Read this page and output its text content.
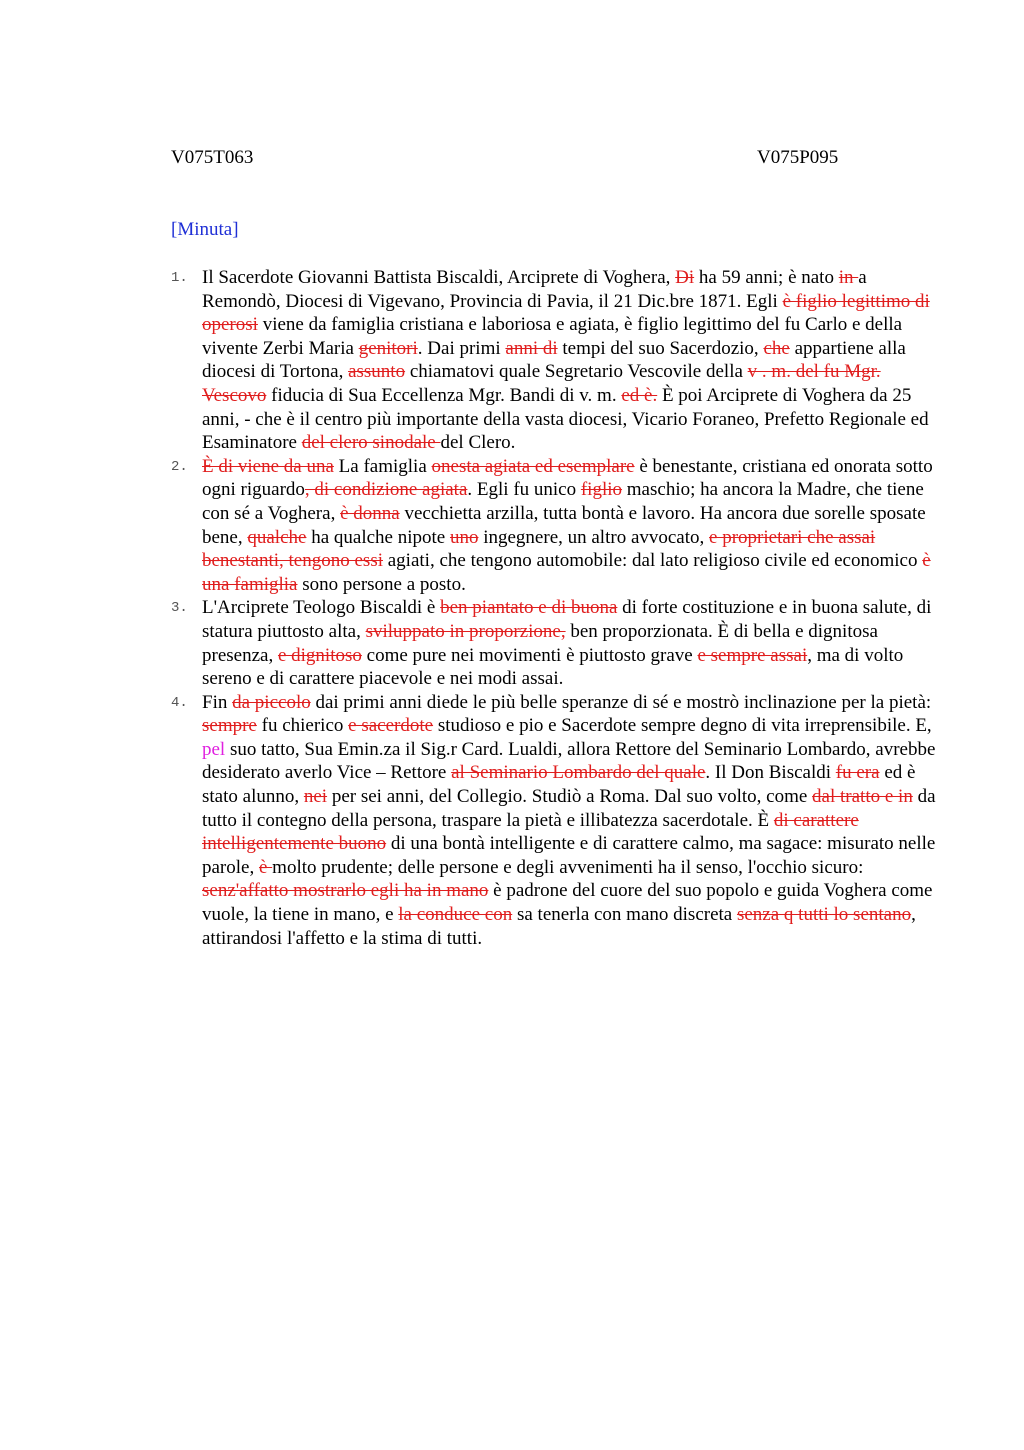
V075T063	V075P095
[Minuta]
1. Il Sacerdote Giovanni Battista Biscaldi, Arciprete di Voghera, Di ha 59 anni; è nato in a Remondò, Diocesi di Vigevano, Provincia di Pavia, il 21 Dic.bre 1871. Egli è figlio legittimo di operosi viene da famiglia cristiana e laboriosa e agiata, è figlio legittimo del fu Carlo e della vivente Zerbi Maria genitori. Dai primi anni di tempi del suo Sacerdozio, che appartiene alla diocesi di Tortona, assunto chiamatovi quale Segretario Vescovile della v . m. del fu Mgr. Vescovo fiducia di Sua Eccellenza Mgr. Bandi di v. m. ed è. È poi Arciprete di Voghera da 25 anni, - che è il centro più importante della vasta diocesi, Vicario Foraneo, Prefetto Regionale ed Esaminatore del clero sinodale del Clero.
2. È di viene da una La famiglia onesta agiata ed esemplare è benestante, cristiana ed onorata sotto ogni riguardo, di condizione agiata. Egli fu unico figlio maschio; ha ancora la Madre, che tiene con sé a Voghera, è donna vecchietta arzilla, tutta bontà e lavoro. Ha ancora due sorelle sposate bene, qualche ha qualche nipote uno ingegnere, un altro avvocato, e proprietari che assai benestanti, tengono essi agiati, che tengono automobile: dal lato religioso civile ed economico è una famiglia sono persone a posto.
3. L'Arciprete Teologo Biscaldi è ben piantato e di buona di forte costituzione e in buona salute, di statura piuttosto alta, sviluppato in proporzione, ben proporzionata. È di bella e dignitosa presenza, e dignitoso come pure nei movimenti è piuttosto grave e sempre assai, ma di volto sereno e di carattere piacevole e nei modi assai.
4. Fin da piccolo dai primi anni diede le più belle speranze di sé e mostrò inclinazione per la pietà: sempre fu chierico e sacerdote studioso e pio e Sacerdote sempre degno di vita irreprensibile. E, pel suo tatto, Sua Emin.za il Sig.r Card. Lualdi, allora Rettore del Seminario Lombardo, avrebbe desiderato averlo Vice – Rettore al Seminario Lombardo del quale. Il Don Biscaldi fu era ed è stato alunno, nei per sei anni, del Collegio. Studiò a Roma. Dal suo volto, come dal tratto e in da tutto il contegno della persona, traspare la pietà e illibatezza sacerdotale. È di carattere intelligentemente buono di una bontà intelligente e di carattere calmo, ma sagace: misurato nelle parole, è molto prudente; delle persone e degli avvenimenti ha il senso, l'occhio sicuro: senz'affatto mostrarlo egli ha in mano è padrone del cuore del suo popolo e guida Voghera come vuole, la tiene in mano, e la conduce con sa tenerla con mano discreta senza q tutti lo sentano, attirandosi l'affetto e la stima di tutti.
